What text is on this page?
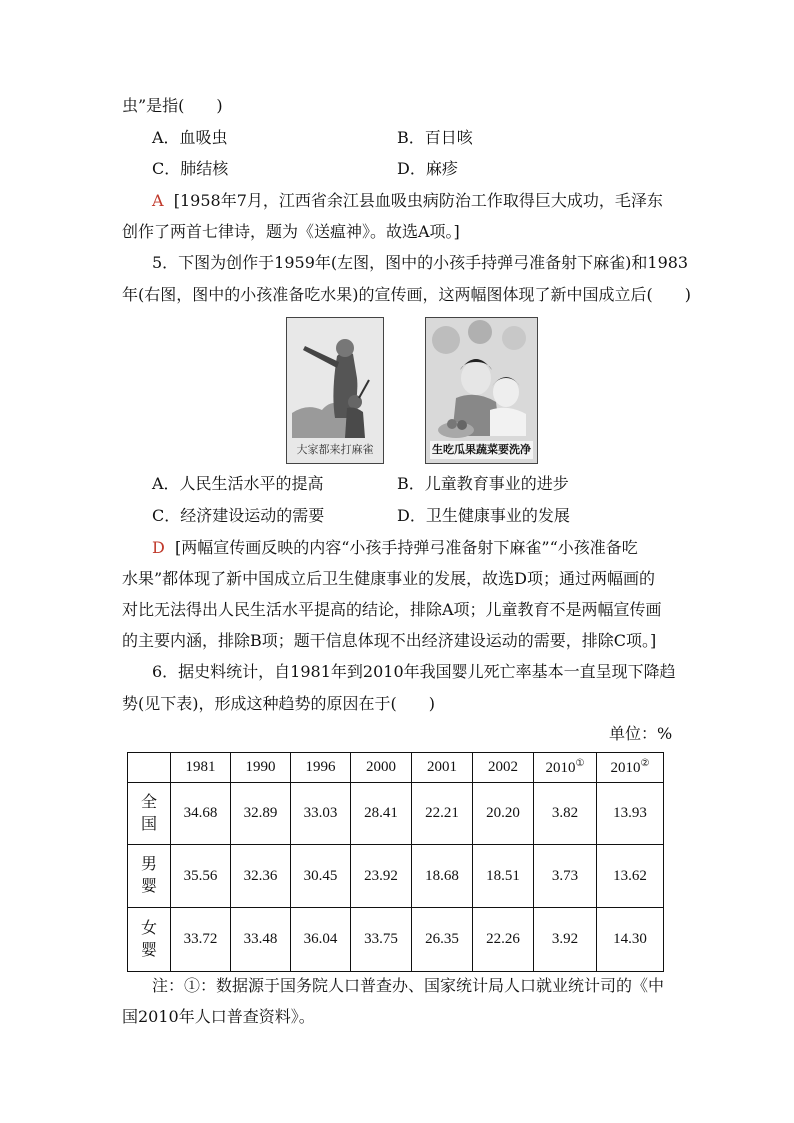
虫”是指(　　)
A．血吸虫	B．百日咳
C．肺结核	D．麻疹
A [1958年7月，江西省余江县血吸虫病防治工作取得巨大成功，毛泽东
创作了两首七律诗，题为《送瘟神》。故选A项。]
5．下图为创作于1959年(左图，图中的小孩手持弹弓准备射下麻雀)和1983
年(右图，图中的小孩准备吃水果)的宣传画，这两幅图体现了新中国成立后(　　)
大家都来打麻雀	生吃瓜果蔬菜要洗净
A．人民生活水平的提高	B．儿童教育事业的进步
C．经济建设运动的需要	D．卫生健康事业的发展
D [两幅宣传画反映的内容“小孩手持弹弓准备射下麻雀”“小孩准备吃
水果”都体现了新中国成立后卫生健康事业的发展，故选D项；通过两幅画的
对比无法得出人民生活水平提高的结论，排除A项；儿童教育不是两幅宣传画
的主要内涵，排除B项；题干信息体现不出经济建设运动的需要，排除C项。]
6．据史料统计，自1981年到2010年我国婴儿死亡率基本一直呈现下降趋
势(见下表)，形成这种趋势的原因在于(　　)
单位：%
	1981	1990	1996	2000	2001	2002	2010①	2010②
全
国	34.68	32.89	33.03	28.41	22.21	20.20	3.82	13.93
男
婴	35.56	32.36	30.45	23.92	18.68	18.51	3.73	13.62
女
婴	33.72	33.48	36.04	33.75	26.35	22.26	3.92	14.30
注：①：数据源于国务院人口普查办、国家统计局人口就业统计司的《中
国2010年人口普查资料》。
